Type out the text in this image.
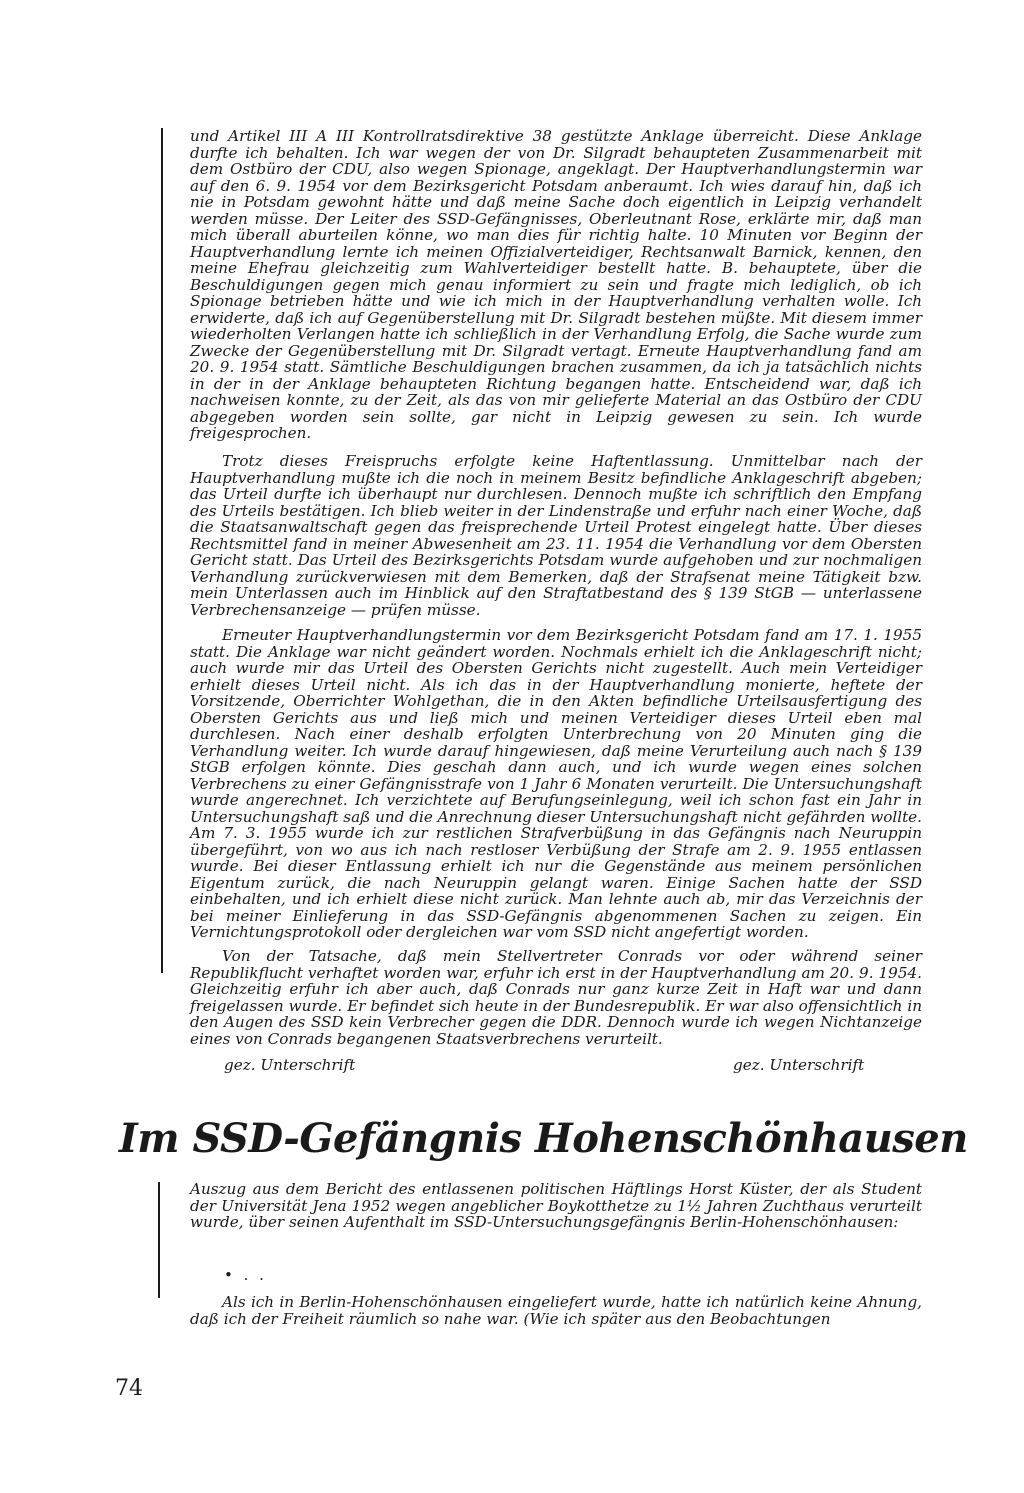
und Artikel III A III Kontrollratsdirektive 38 gestützte Anklage überreicht. Diese Anklage durfte ich behalten. Ich war wegen der von Dr. Silgradt behaupteten Zusammenarbeit mit dem Ostbüro der CDU, also wegen Spionage, angeklagt. Der Hauptverhandlungstermin war auf den 6. 9. 1954 vor dem Bezirksgericht Potsdam anberaumt. Ich wies darauf hin, daß ich nie in Potsdam gewohnt hätte und daß meine Sache doch eigentlich in Leipzig verhandelt werden müsse. Der Leiter des SSD-Gefängnisses, Oberleutnant Rose, erklärte mir, daß man mich überall aburteilen könne, wo man dies für richtig halte. 10 Minuten vor Beginn der Hauptverhandlung lernte ich meinen Offizialverteidiger, Rechtsanwalt Barnick, kennen, den meine Ehefrau gleichzeitig zum Wahlverteidiger bestellt hatte. B. behauptete, über die Beschuldigungen gegen mich genau informiert zu sein und fragte mich lediglich, ob ich Spionage betrieben hätte und wie ich mich in der Hauptverhandlung verhalten wolle. Ich erwiderte, daß ich auf Gegenüberstellung mit Dr. Silgradt bestehen müßte. Mit diesem immer wiederholten Verlangen hatte ich schließlich in der Verhandlung Erfolg, die Sache wurde zum Zwecke der Gegenüberstellung mit Dr. Silgradt vertagt. Erneute Hauptverhandlung fand am 20. 9. 1954 statt. Sämtliche Beschuldigungen brachen zusammen, da ich ja tatsächlich nichts in der in der Anklage behaupteten Richtung begangen hatte. Entscheidend war, daß ich nachweisen konnte, zu der Zeit, als das von mir gelieferte Material an das Ostbüro der CDU abgegeben worden sein sollte, gar nicht in Leipzig gewesen zu sein. Ich wurde freigesprochen.

Trotz dieses Freispruchs erfolgte keine Haftentlassung. Unmittelbar nach der Hauptverhandlung mußte ich die noch in meinem Besitz befindliche Anklageschrift abgeben; das Urteil durfte ich überhaupt nur durchlesen. Dennoch mußte ich schriftlich den Empfang des Urteils bestätigen. Ich blieb weiter in der Lindenstraße und erfuhr nach einer Woche, daß die Staatsanwaltschaft gegen das freisprechende Urteil Protest eingelegt hatte. Über dieses Rechtsmittel fand in meiner Abwesenheit am 23. 11. 1954 die Verhandlung vor dem Obersten Gericht statt. Das Urteil des Bezirksgerichts Potsdam wurde aufgehoben und zur nochmaligen Verhandlung zurückverwiesen mit dem Bemerken, daß der Strafsenat meine Tätigkeit bzw. mein Unterlassen auch im Hinblick auf den Straftatbestand des § 139 StGB — unterlassene Verbrechensanzeige — prüfen müsse.

Erneuter Hauptverhandlungstermin vor dem Bezirksgericht Potsdam fand am 17. 1. 1955 statt. Die Anklage war nicht geändert worden. Nochmals erhielt ich die Anklageschrift nicht; auch wurde mir das Urteil des Obersten Gerichts nicht zugestellt. Auch mein Verteidiger erhielt dieses Urteil nicht. Als ich das in der Hauptverhandlung monierte, heftete der Vorsitzende, Oberrichter Wohlgethan, die in den Akten befindliche Urteilsausfertigung des Obersten Gerichts aus und ließ mich und meinen Verteidiger dieses Urteil eben mal durchlesen. Nach einer deshalb erfolgten Unterbrechung von 20 Minuten ging die Verhandlung weiter. Ich wurde darauf hingewiesen, daß meine Verurteilung auch nach § 139 StGB erfolgen könnte. Dies geschah dann auch, und ich wurde wegen eines solchen Verbrechens zu einer Gefängnisstrafe von 1 Jahr 6 Monaten verurteilt. Die Untersuchungshaft wurde angerechnet. Ich verzichtete auf Berufungseinlegung, weil ich schon fast ein Jahr in Untersuchungshaft saß und die Anrechnung dieser Untersuchungshaft nicht gefährden wollte. Am 7. 3. 1955 wurde ich zur restlichen Strafverbüßung in das Gefängnis nach Neuruppin übergeführt, von wo aus ich nach restloser Verbüßung der Strafe am 2. 9. 1955 entlassen wurde. Bei dieser Entlassung erhielt ich nur die Gegenstände aus meinem persönlichen Eigentum zurück, die nach Neuruppin gelangt waren. Einige Sachen hatte der SSD einbehalten, und ich erhielt diese nicht zurück. Man lehnte auch ab, mir das Verzeichnis der bei meiner Einlieferung in das SSD-Gefängnis abgenommenen Sachen zu zeigen. Ein Vernichtungsprotokoll oder dergleichen war vom SSD nicht angefertigt worden.

Von der Tatsache, daß mein Stellvertreter Conrads vor oder während seiner Republikflucht verhaftet worden war, erfuhr ich erst in der Hauptverhandlung am 20. 9. 1954. Gleichzeitig erfuhr ich aber auch, daß Conrads nur ganz kurze Zeit in Haft war und dann freigelassen wurde. Er befindet sich heute in der Bundesrepublik. Er war also offensichtlich in den Augen des SSD kein Verbrecher gegen die DDR. Dennoch wurde ich wegen Nichtanzeige eines von Conrads begangenen Staatsverbrechens verurteilt.

gez. Unterschrift	gez. Unterschrift
Im SSD-Gefängnis Hohenschönhausen

Auszug aus dem Bericht des entlassenen politischen Häftlings Horst Küster, der als Student der Universität Jena 1952 wegen angeblicher Boykotthetze zu 1½ Jahren Zuchthaus verurteilt wurde, über seinen Aufenthalt im SSD-Untersuchungsgefängnis Berlin-Hohenschönhausen:

• . .

Als ich in Berlin-Hohenschönhausen eingeliefert wurde, hatte ich natürlich keine Ahnung, daß ich der Freiheit räumlich so nahe war. (Wie ich später aus den Beobachtungen

74
